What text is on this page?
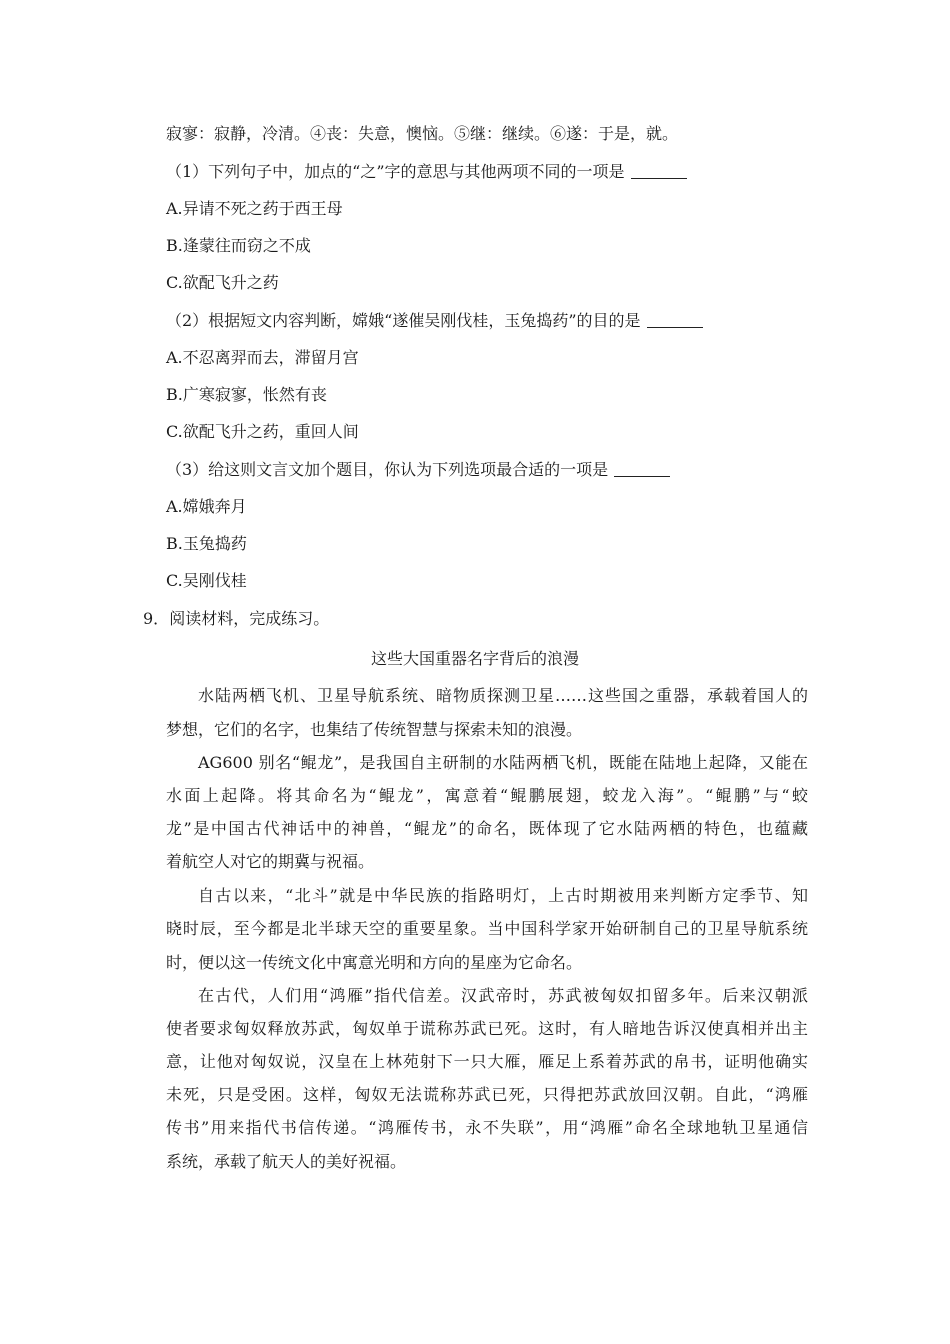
寂寥：寂静，冷清。④丧：失意，懊恼。⑤继：继续。⑥遂：于是，就。
（1）下列句子中，加点的“之”字的意思与其他两项不同的一项是
A.异请不死之药于西王母
B.逢蒙往而窃之不成
C.欲配飞升之药
（2）根据短文内容判断，嫦娥“遂催吴刚伐桂，玉兔捣药”的目的是
A.不忍离羿而去，滞留月宫
B.广寒寂寥，怅然有丧
C.欲配飞升之药，重回人间
（3）给这则文言文加个题目，你认为下列选项最合适的一项是
A.嫦娥奔月
B.玉兔捣药
C.吴刚伐桂
9．阅读材料，完成练习。
这些大国重器名字背后的浪漫
水陆两栖飞机、卫星导航系统、暗物质探测卫星……这些国之重器，承载着国人的
梦想，它们的名字，也集结了传统智慧与探索未知的浪漫。
AG600 别名“鲲龙”，是我国自主研制的水陆两栖飞机，既能在陆地上起降，又能在
水面上起降。将其命名为“鲲龙”，寓意着“鲲鹏展翅，蛟龙入海”。“鲲鹏”与“蛟
龙”是中国古代神话中的神兽，“鲲龙”的命名，既体现了它水陆两栖的特色，也蕴藏
着航空人对它的期冀与祝福。
自古以来，“北斗”就是中华民族的指路明灯，上古时期被用来判断方定季节、知
晓时辰，至今都是北半球天空的重要星象。当中国科学家开始研制自己的卫星导航系统
时，便以这一传统文化中寓意光明和方向的星座为它命名。
在古代，人们用“鸿雁”指代信差。汉武帝时，苏武被匈奴扣留多年。后来汉朝派
使者要求匈奴释放苏武，匈奴单于谎称苏武已死。这时，有人暗地告诉汉使真相并出主
意，让他对匈奴说，汉皇在上林苑射下一只大雁，雁足上系着苏武的帛书，证明他确实
未死，只是受困。这样，匈奴无法谎称苏武已死，只得把苏武放回汉朝。自此，“鸿雁
传书”用来指代书信传递。“鸿雁传书，永不失联”，用“鸿雁”命名全球地轨卫星通信
系统，承载了航天人的美好祝福。
